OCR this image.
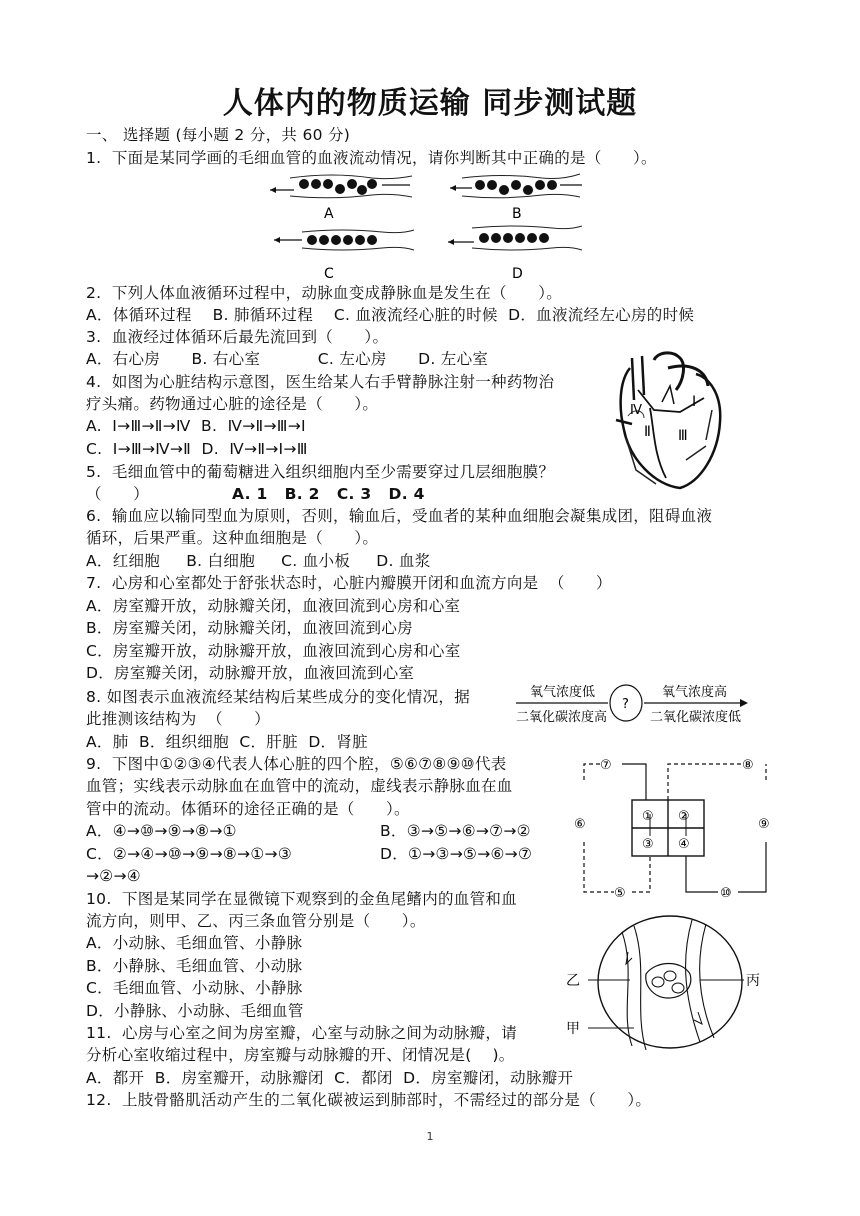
人体内的物质运输 同步测试题
一、 选择题 (每小题 2 分，共 60 分)
1.  下面是某同学画的毛细血管的血液流动情况，请你判断其中正确的是（      ）。
A	B
C	D
2.  下列人体血液循环过程中，动脉血变成静脉血是发生在（      ）。
A．体循环过程    B. 肺循环过程    C. 血液流经心脏的时候  D．血液流经左心房的时候
3.  血液经过体循环后最先流回到（      ）。
A．右心房      B. 右心室           C. 左心房      D. 左心室
4.  如图为心脏结构示意图，医生给某人右手臂静脉注射一种药物治
疗头痛。药物通过心脏的途径是（      ）。
A.  Ⅰ→Ⅲ→Ⅱ→Ⅳ  B.  Ⅳ→Ⅱ→Ⅲ→Ⅰ
C.  Ⅰ→Ⅲ→Ⅳ→Ⅱ  D.  Ⅳ→Ⅱ→Ⅰ→Ⅲ
Ⅳ
Ⅰ
Ⅱ Ⅲ
5.  毛细血管中的葡萄糖进入组织细胞内至少需要穿过几层细胞膜？
（      ）	A. 1   B. 2   C. 3   D. 4
6.  输血应以输同型血为原则，否则，输血后，受血者的某种血细胞会凝集成团，阻碍血液
循环，后果严重。这种血细胞是（      ）。
A．红细胞     B. 白细胞     C. 血小板     D. 血浆
7.  心房和心室都处于舒张状态时，心脏内瓣膜开闭和血流方向是  （      ）
A．房室瓣开放，动脉瓣关闭，血液回流到心房和心室
B．房室瓣关闭，动脉瓣关闭，血液回流到心房
C．房室瓣开放，动脉瓣开放，血液回流到心房和心室
D．房室瓣关闭，动脉瓣开放，血液回流到心室
8. 如图表示血液流经某结构后某些成分的变化情况，据
此推测该结构为  （      ）
A．肺  B．组织细胞  C．肝脏  D．肾脏
?
氧气浓度低
二氧化碳浓度高
氧气浓度高
二氧化碳浓度低
9.  下图中①②③④代表人体心脏的四个腔，⑤⑥⑦⑧⑨⑩代表
血管；实线表示动脉血在血管中的流动，虚线表示静脉血在血
管中的流动。体循环的途径正确的是（      ）。
A．④→⑩→⑨→⑧→①	B．③→⑤→⑥→⑦→②
C．②→④→⑩→⑨→⑧→①→③	D．①→③→⑤→⑥→⑦
→②→④
⑦	⑧
① ②
③ ④
⑥	⑨
⑤	⑩
10.  下图是某同学在显微镜下观察到的金鱼尾鳍内的血管和血
流方向，则甲、乙、丙三条血管分别是（      ）。
A．小动脉、毛细血管、小静脉
B．小静脉、毛细血管、小动脉
C．毛细血管、小动脉、小静脉
D．小静脉、小动脉、毛细血管
乙	丙
甲
11.  心房与心室之间为房室瓣，心室与动脉之间为动脉瓣，请
分析心室收缩过程中，房室瓣与动脉瓣的开、闭情况是(    )。
A．都开  B．房室瓣开，动脉瓣闭  C．都闭  D．房室瓣闭，动脉瓣开
12.  上肢骨骼肌活动产生的二氧化碳被运到肺部时，不需经过的部分是（      ）。
1
